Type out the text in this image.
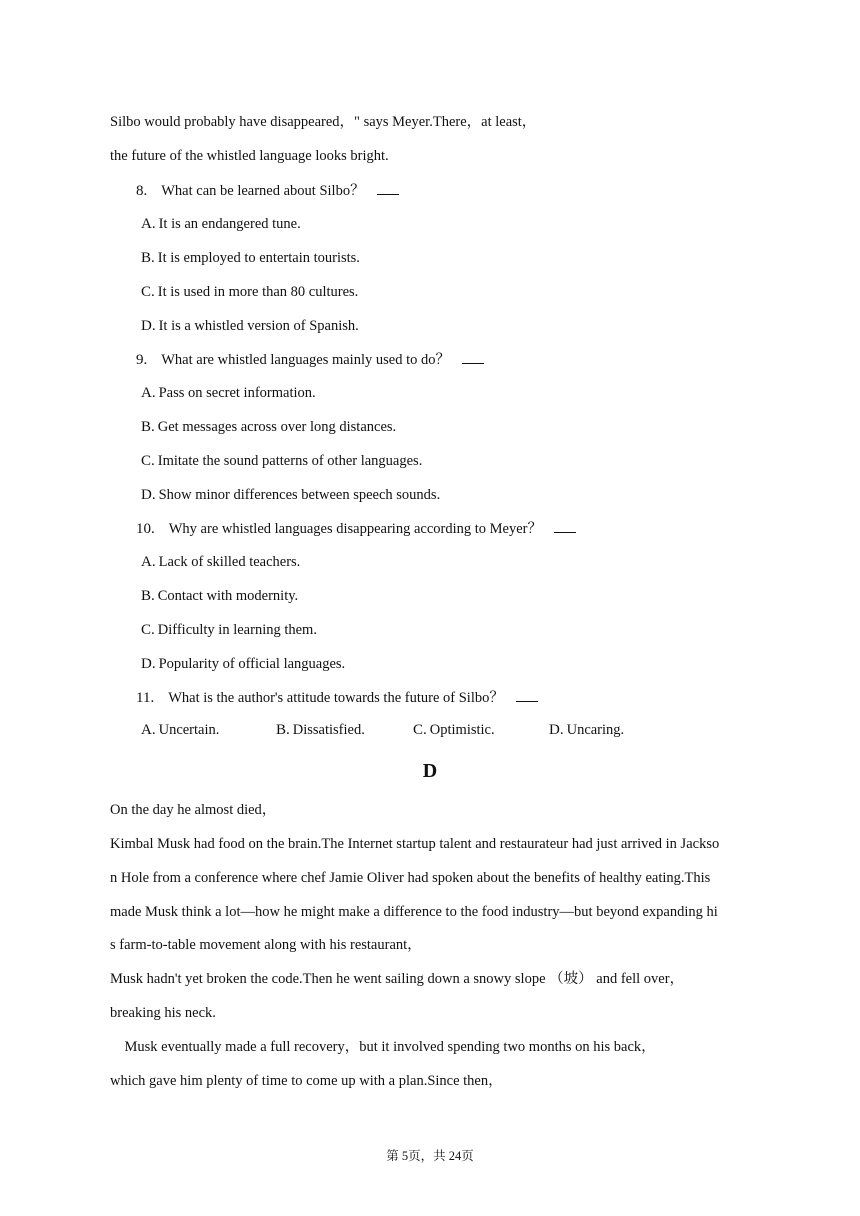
Silbo would probably have disappeared，" says Meyer.There，at least，
the future of the whistled language looks bright.
8. What can be learned about Silbo？
A. It is an endangered tune.
B. It is employed to entertain tourists.
C. It is used in more than 80 cultures.
D. It is a whistled version of Spanish.
9. What are whistled languages mainly used to do？
A. Pass on secret information.
B. Get messages across over long distances.
C. Imitate the sound patterns of other languages.
D. Show minor differences between speech sounds.
10. Why are whistled languages disappearing according to Meyer？
A. Lack of skilled teachers.
B. Contact with modernity.
C. Difficulty in learning them.
D. Popularity of official languages.
11. What is the author's attitude towards the future of Silbo？
A. Uncertain.	B. Dissatisfied.	C. Optimistic.	D. Uncaring.
D
On the day he almost died，
Kimbal Musk had food on the brain.The Internet startup talent and restaurateur had just arrived in Jackso
n Hole from a conference where chef Jamie Oliver had spoken about the benefits of healthy eating.This
made Musk think a lot—how he might make a difference to the food industry—but beyond expanding hi
s farm-to-table movement along with his restaurant，
Musk hadn't yet broken the code.Then he went sailing down a snowy slope （坡） and fell over，
breaking his neck.
Musk eventually made a full recovery，but it involved spending two months on his back，
which gave him plenty of time to come up with a plan.Since then，
第 5页，共 24页
